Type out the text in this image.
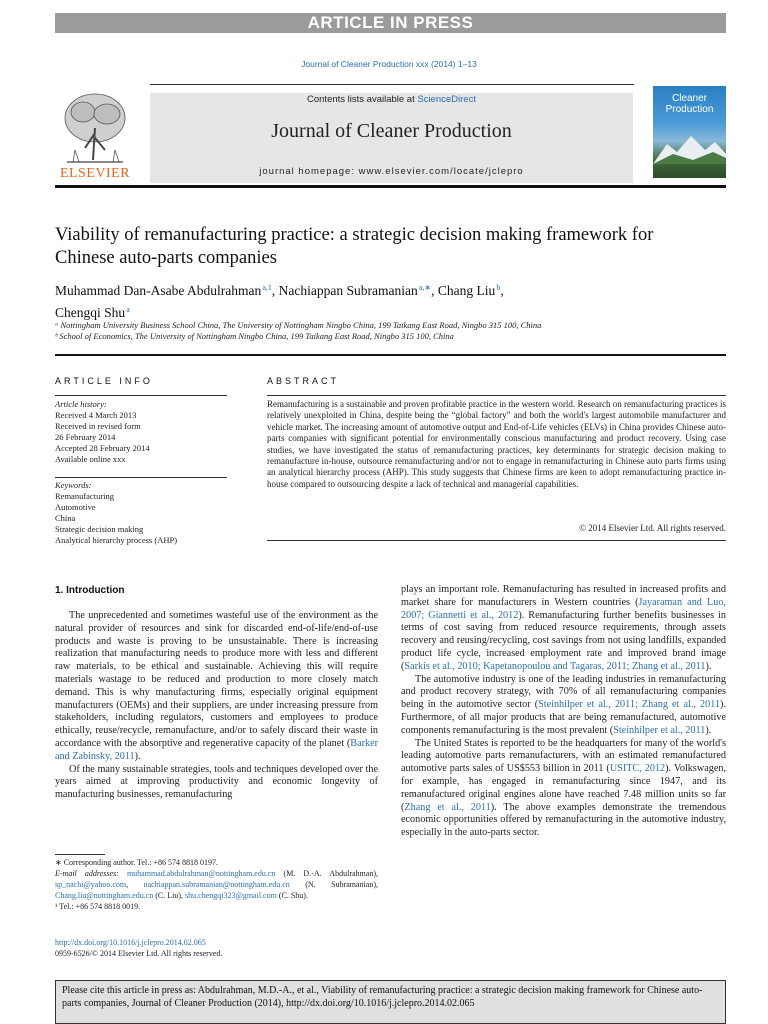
ARTICLE IN PRESS
Journal of Cleaner Production xxx (2014) 1–13
ELSEVIER
Contents lists available at ScienceDirect
Journal of Cleaner Production
journal homepage: www.elsevier.com/locate/jclepro
Cleaner
Production
Viability of remanufacturing practice: a strategic decision making framework for Chinese auto-parts companies
Muhammad Dan-Asabe Abdulrahman $^{a,1}$, Nachiappan Subramanian $^{a,∗}$, Chang Liu $^b$,
Chengqi Shu $^a$
ᵃ Nottingham University Business School China, The University of Nottingham Ningbo China, 199 Taikang East Road, Ningbo 315 100, China
ᵇ School of Economics, The University of Nottingham Ningbo China, 199 Taikang East Road, Ningbo 315 100, China
ARTICLE INFO	ABSTRACT
Article history:
Received 4 March 2013
Received in revised form
26 February 2014
Accepted 28 February 2014
Available online xxx
Keywords:
Remanufacturing
Automotive
China
Strategic decision making
Analytical hierarchy process (AHP)
Remanufacturing is a sustainable and proven profitable practice in the western world. Research on remanufacturing practices is relatively unexploited in China, despite being the “global factory” and both the world's largest automobile manufacturer and vehicle market. The increasing amount of automotive output and End-of-Life vehicles (ELVs) in China provides Chinese auto-parts companies with significant potential for environmentally conscious manufacturing and product recovery. Using case studies, we have investigated the status of remanufacturing practices, key determinants for strategic decision making to remanufacture in-house, outsource remanufacturing and/or not to engage in remanufacturing in Chinese auto parts firms using an analytical hierarchy process (AHP). This study suggests that Chinese firms are keen to adopt remanufacturing practice in-house compared to outsourcing despite a lack of technical and managerial capabilities.
© 2014 Elsevier Ltd. All rights reserved.
1. Introduction

The unprecedented and sometimes wasteful use of the environment as the natural provider of resources and sink for discarded end-of-life/end-of-use products and waste is proving to be unsustainable. There is increasing realization that manufacturing needs to produce more with less and different raw materials, to be ethical and sustainable. Achieving this will require materials wastage to be reduced and production to more closely match demand. This is why manufacturing firms, especially original equipment manufacturers (OEMs) and their suppliers, are under increasing pressure from stakeholders, including regulators, customers and employees to produce ethically, reuse/recycle, remanufacture, and/or to safely discard their waste in accordance with the absorptive and regenerative capacity of the planet (Barker and Zabinsky, 2011).

Of the many sustainable strategies, tools and techniques developed over the years aimed at improving productivity and economic longevity of manufacturing businesses, remanufacturing

plays an important role. Remanufacturing has resulted in increased profits and market share for manufacturers in Western countries (Jayaraman and Luo, 2007; Giannetti et al., 2012). Remanufacturing further benefits businesses in terms of cost saving from reduced resource requirements, through assets recovery and reusing/recycling, cost savings from not using landfills, expanded product life cycle, increased employment rate and improved brand image (Sarkis et al., 2010; Kapetanopoulou and Tagaras, 2011; Zhang et al., 2011).

The automotive industry is one of the leading industries in remanufacturing and product recovery strategy, with 70% of all remanufacturing companies being in the automotive sector (Steinhilper et al., 2011; Zhang et al., 2011). Furthermore, of all major products that are being remanufactured, automotive components remanufacturing is the most prevalent (Steinhilper et al., 2011).

The United States is reported to be the headquarters for many of the world's leading automotive parts remanufacturers, with an estimated remanufactured automotive parts sales of US$553 billion in 2011 (USITC, 2012). Volkswagen, for example, has engaged in remanufacturing since 1947, and its remanufactured original engines alone have reached 7.48 million units so far (Zhang et al., 2011). The above examples demonstrate the tremendous economic opportunities offered by remanufacturing in the automotive industry, especially in the auto-parts sector.

∗ Corresponding author. Tel.: +86 574 8818 0197.
E-mail addresses: muhammad.abdulrahman@nottingham.edu.cn (M. D.-A. Abdulrahman), sp_nachi@yahoo.com, nachiappan.subramanian@nottingham.edu.cn (N. Subramanian), Chang.liu@nottingham.edu.cn (C. Liu), shu.chengqi323@gmail.com (C. Shu).
¹ Tel.: +86 574 8818 0019.
http://dx.doi.org/10.1016/j.jclepro.2014.02.065
0959-6526/© 2014 Elsevier Ltd. All rights reserved.
Please cite this article in press as: Abdulrahman, M.D.-A., et al., Viability of remanufacturing practice: a strategic decision making framework for Chinese auto-parts companies, Journal of Cleaner Production (2014), http://dx.doi.org/10.1016/j.jclepro.2014.02.065
